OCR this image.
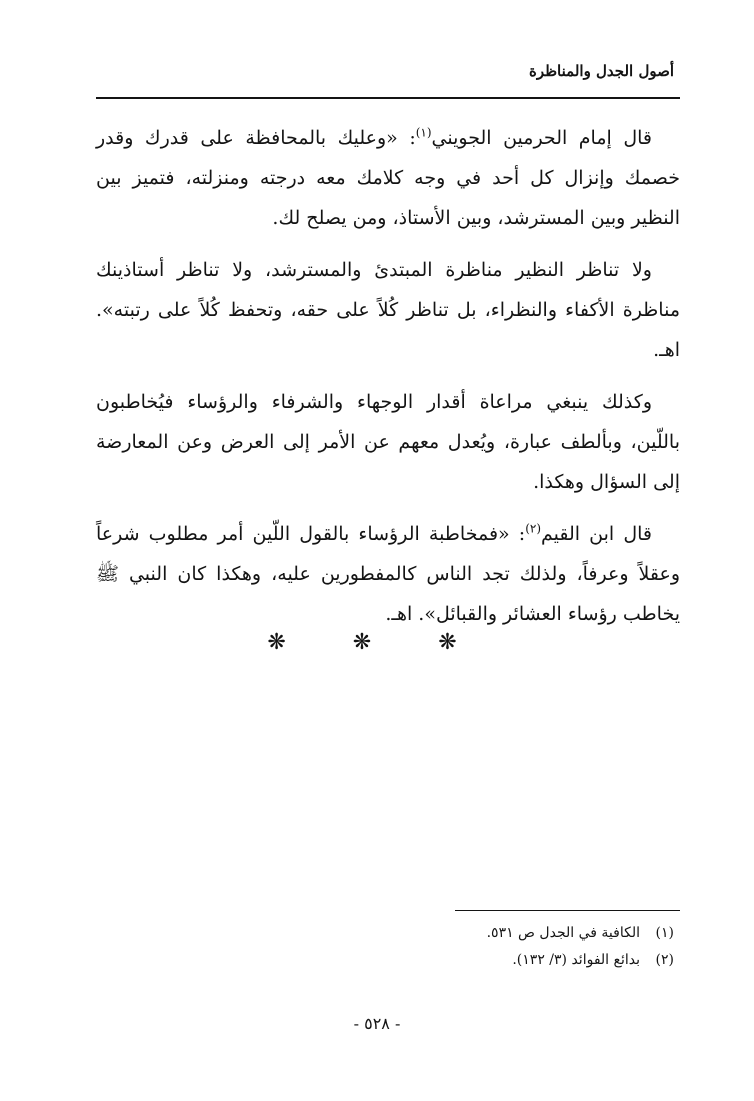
أصول الجدل والمناظرة

قال إمام الحرمين الجويني$^{(١)}$: «وعليك بالمحافظة على قدرك وقدر خصمك وإنزال كل أحد في وجه كلامك معه درجته ومنزلته، فتميز بين النظير وبين المسترشد، وبين الأستاذ، ومن يصلح لك.

ولا تناظر النظير مناظرة المبتدئ والمسترشد، ولا تناظر أستاذينك مناظرة الأكفاء والنظراء، بل تناظر كُلاً على حقه، وتحفظ كُلاً على رتبته». اهـ.

وكذلك ينبغي مراعاة أقدار الوجهاء والشرفاء والرؤساء فيُخاطبون باللّين، وبألطف عبارة، ويُعدل معهم عن الأمر إلى العرض وعن المعارضة إلى السؤال وهكذا.

قال ابن القيم$^{(٢)}$: «فمخاطبة الرؤساء بالقول اللّين أمر مطلوب شرعاً وعقلاً وعرفاً، ولذلك تجد الناس كالمفطورين عليه، وهكذا كان النبي ﷺ يخاطب رؤساء العشائر والقبائل». اهـ.

❋ ❋ ❋
(١)
الكافية في الجدل ص ٥٣١.
(٢)
بدائع الفوائد (٣/ ١٣٢).
- ٥٢٨ -
